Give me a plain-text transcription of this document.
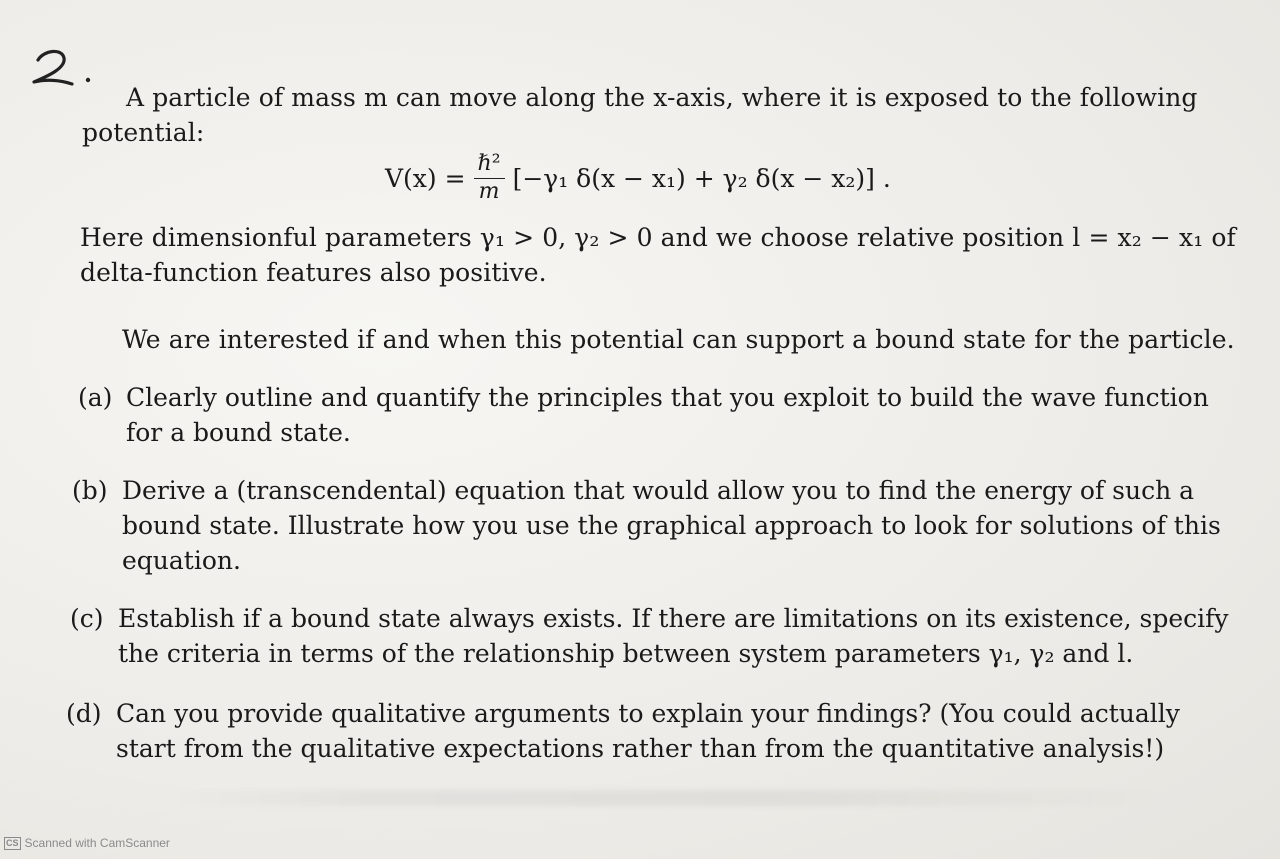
A particle of mass m can move along the x-axis, where it is exposed to the following
potential:
$V(x) = \frac{\text{ℏ²}}{m} [-\gamma_1$ δ(x − x₁) + γ₂ δ(x − x₂)] .
Here dimensionful parameters γ₁ > 0, γ₂ > 0 and we choose relative position l = x₂ − x₁ of
delta-function features also positive.
We are interested if and when this potential can support a bound state for the particle.
(a) Clearly outline and quantify the principles that you exploit to build the wave function
for a bound state.
(b) Derive a (transcendental) equation that would allow you to find the energy of such a
bound state. Illustrate how you use the graphical approach to look for solutions of this
equation.
(c) Establish if a bound state always exists. If there are limitations on its existence, specify
the criteria in terms of the relationship between system parameters γ₁, γ₂ and l.
(d) Can you provide qualitative arguments to explain your findings? (You could actually
start from the qualitative expectations rather than from the quantitative analysis!)
CS Scanned with CamScanner
